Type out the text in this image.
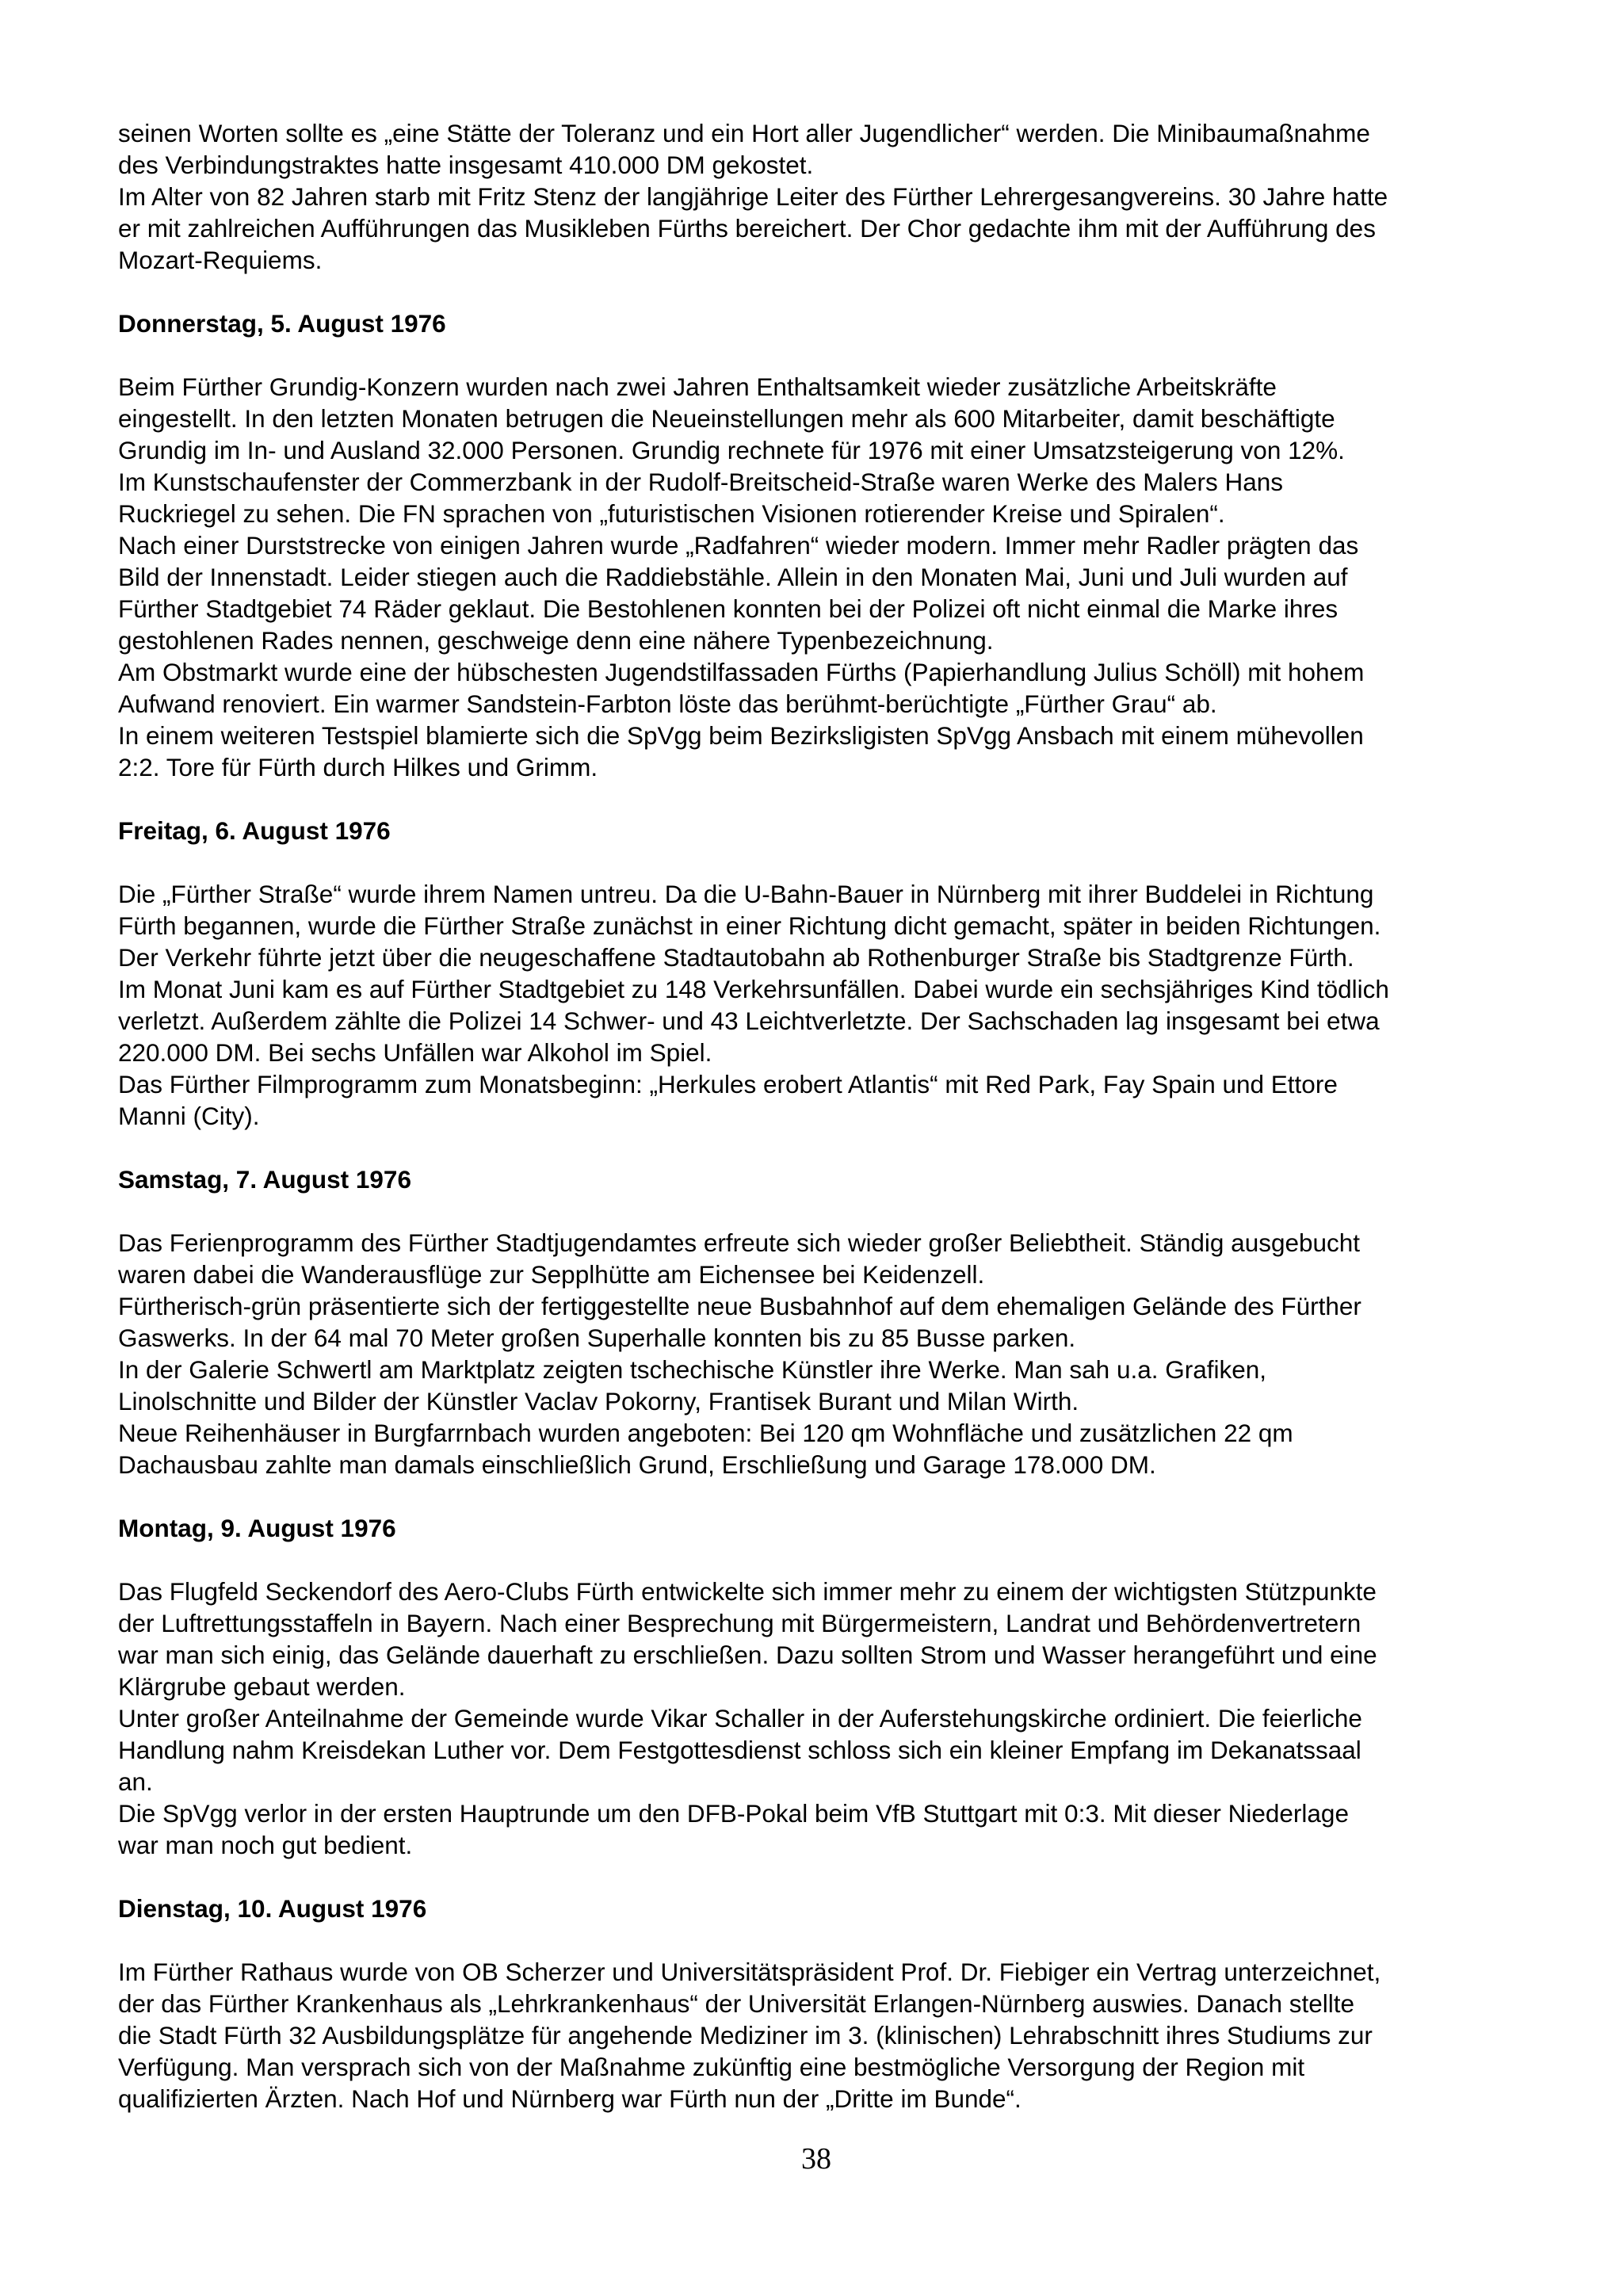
seinen Worten sollte es „eine Stätte der Toleranz und ein Hort aller Jugendlicher“ werden. Die Minibaumaßnahme
des Verbindungstraktes hatte insgesamt 410.000 DM gekostet.
Im Alter von 82 Jahren starb mit Fritz Stenz der langjährige Leiter des Fürther Lehrergesangvereins. 30 Jahre hatte
er mit zahlreichen Aufführungen das Musikleben Fürths bereichert. Der Chor gedachte ihm mit der Aufführung des
Mozart-Requiems.
Donnerstag, 5. August 1976
Beim Fürther Grundig-Konzern wurden nach zwei Jahren Enthaltsamkeit wieder zusätzliche Arbeitskräfte
eingestellt. In den letzten Monaten betrugen die Neueinstellungen mehr als 600 Mitarbeiter, damit beschäftigte
Grundig im In- und Ausland 32.000 Personen. Grundig rechnete für 1976 mit einer Umsatzsteigerung von 12%.
Im Kunstschaufenster der Commerzbank in der Rudolf-Breitscheid-Straße waren Werke des Malers Hans
Ruckriegel zu sehen. Die FN sprachen von „futuristischen Visionen rotierender Kreise und Spiralen“.
Nach einer Durststrecke von einigen Jahren wurde „Radfahren“ wieder modern. Immer mehr Radler prägten das
Bild der Innenstadt. Leider stiegen auch die Raddiebstähle. Allein in den Monaten Mai, Juni und Juli wurden auf
Fürther Stadtgebiet 74 Räder geklaut. Die Bestohlenen konnten bei der Polizei oft nicht einmal die Marke ihres
gestohlenen Rades nennen, geschweige denn eine nähere Typenbezeichnung.
Am Obstmarkt wurde eine der hübschesten Jugendstilfassaden Fürths (Papierhandlung Julius Schöll) mit hohem
Aufwand renoviert. Ein warmer Sandstein-Farbton löste das berühmt-berüchtigte „Fürther Grau“ ab.
In einem weiteren Testspiel blamierte sich die SpVgg beim Bezirksligisten SpVgg Ansbach mit einem mühevollen
2:2. Tore für Fürth durch Hilkes und Grimm.
Freitag, 6. August 1976
Die „Fürther Straße“ wurde ihrem Namen untreu. Da die U-Bahn-Bauer in Nürnberg mit ihrer Buddelei in Richtung
Fürth begannen, wurde die Fürther Straße zunächst in einer Richtung dicht gemacht, später in beiden Richtungen.
Der Verkehr führte jetzt über die neugeschaffene Stadtautobahn ab Rothenburger Straße bis Stadtgrenze Fürth.
Im Monat Juni kam es auf Fürther Stadtgebiet zu 148 Verkehrsunfällen. Dabei wurde ein sechsjähriges Kind tödlich
verletzt. Außerdem zählte die Polizei 14 Schwer- und 43 Leichtverletzte. Der Sachschaden lag insgesamt bei etwa
220.000 DM. Bei sechs Unfällen war Alkohol im Spiel.
Das Fürther Filmprogramm zum Monatsbeginn: „Herkules erobert Atlantis“ mit Red Park, Fay Spain und Ettore
Manni (City).
Samstag, 7. August 1976
Das Ferienprogramm des Fürther Stadtjugendamtes erfreute sich wieder großer Beliebtheit. Ständig ausgebucht
waren dabei die Wanderausflüge zur Sepplhütte am Eichensee bei Keidenzell.
Fürtherisch-grün präsentierte sich der fertiggestellte neue Busbahnhof auf dem ehemaligen Gelände des Fürther
Gaswerks. In der 64 mal 70 Meter großen Superhalle konnten bis zu 85 Busse parken.
In der Galerie Schwertl am Marktplatz zeigten tschechische Künstler ihre Werke. Man sah u.a. Grafiken,
Linolschnitte und Bilder der Künstler Vaclav Pokorny, Frantisek Burant und Milan Wirth.
Neue Reihenhäuser in Burgfarrnbach wurden angeboten: Bei 120 qm Wohnfläche und zusätzlichen 22 qm
Dachausbau zahlte man damals einschließlich Grund, Erschließung und Garage 178.000 DM.
Montag, 9. August 1976
Das Flugfeld Seckendorf des Aero-Clubs Fürth entwickelte sich immer mehr zu einem der wichtigsten Stützpunkte
der Luftrettungsstaffeln in Bayern. Nach einer Besprechung mit Bürgermeistern, Landrat und Behördenvertretern
war man sich einig, das Gelände dauerhaft zu erschließen. Dazu sollten Strom und Wasser herangeführt und eine
Klärgrube gebaut werden.
Unter großer Anteilnahme der Gemeinde wurde Vikar Schaller in der Auferstehungskirche ordiniert. Die feierliche
Handlung nahm Kreisdekan Luther vor. Dem Festgottesdienst schloss sich ein kleiner Empfang im Dekanatssaal
an.
Die SpVgg verlor in der ersten Hauptrunde um den DFB-Pokal beim VfB Stuttgart mit 0:3. Mit dieser Niederlage
war man noch gut bedient.
Dienstag, 10. August 1976
Im Fürther Rathaus wurde von OB Scherzer und Universitätspräsident Prof. Dr. Fiebiger ein Vertrag unterzeichnet,
der das Fürther Krankenhaus als „Lehrkrankenhaus“ der Universität Erlangen-Nürnberg auswies. Danach stellte
die Stadt Fürth 32 Ausbildungsplätze für angehende Mediziner im 3. (klinischen) Lehrabschnitt ihres Studiums zur
Verfügung. Man versprach sich von der Maßnahme zukünftig eine bestmögliche Versorgung der Region mit
qualifizierten Ärzten. Nach Hof und Nürnberg war Fürth nun der „Dritte im Bunde“.
38
